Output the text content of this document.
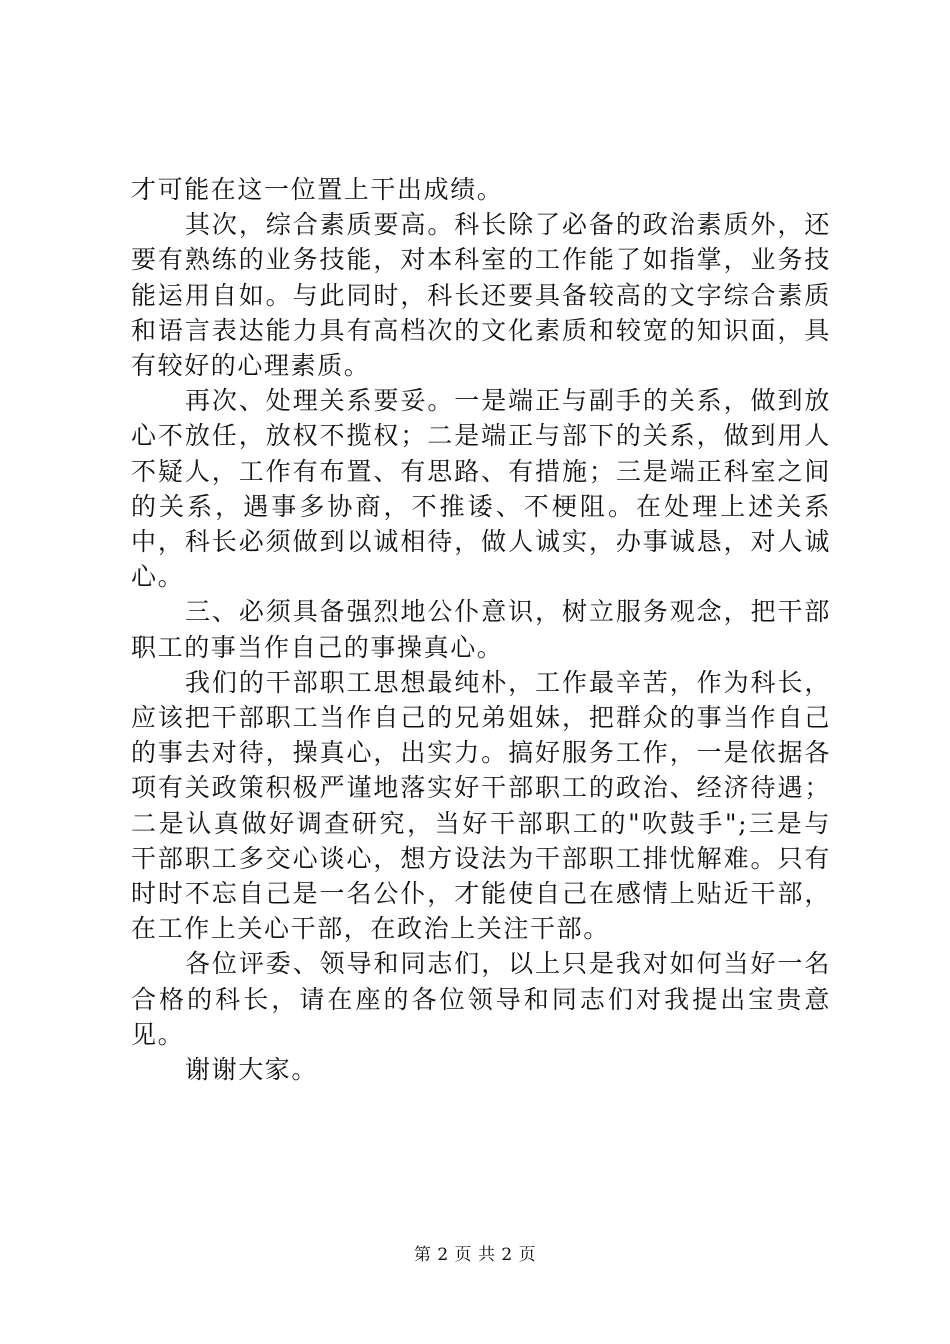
才可能在这一位置上干出成绩。

其次，综合素质要高。科长除了必备的政治素质外，还要有熟练的业务技能，对本科室的工作能了如指掌，业务技能运用自如。与此同时，科长还要具备较高的文字综合素质和语言表达能力具有高档次的文化素质和较宽的知识面，具有较好的心理素质。

再次、处理关系要妥。一是端正与副手的关系，做到放心不放任，放权不揽权；二是端正与部下的关系，做到用人不疑人，工作有布置、有思路、有措施；三是端正科室之间的关系，遇事多协商，不推诿、不梗阻。在处理上述关系中，科长必须做到以诚相待，做人诚实，办事诚恳，对人诚心。

三、必须具备强烈地公仆意识，树立服务观念，把干部职工的事当作自己的事操真心。

我们的干部职工思想最纯朴，工作最辛苦，作为科长，应该把干部职工当作自己的兄弟姐妹，把群众的事当作自己的事去对待，操真心，出实力。搞好服务工作，一是依据各项有关政策积极严谨地落实好干部职工的政治、经济待遇；二是认真做好调查研究，当好干部职工的"吹鼓手";三是与干部职工多交心谈心，想方设法为干部职工排忧解难。只有时时不忘自己是一名公仆，才能使自己在感情上贴近干部，在工作上关心干部，在政治上关注干部。

各位评委、领导和同志们，以上只是我对如何当好一名合格的科长，请在座的各位领导和同志们对我提出宝贵意见。

谢谢大家。

第 2 页 共 2 页
